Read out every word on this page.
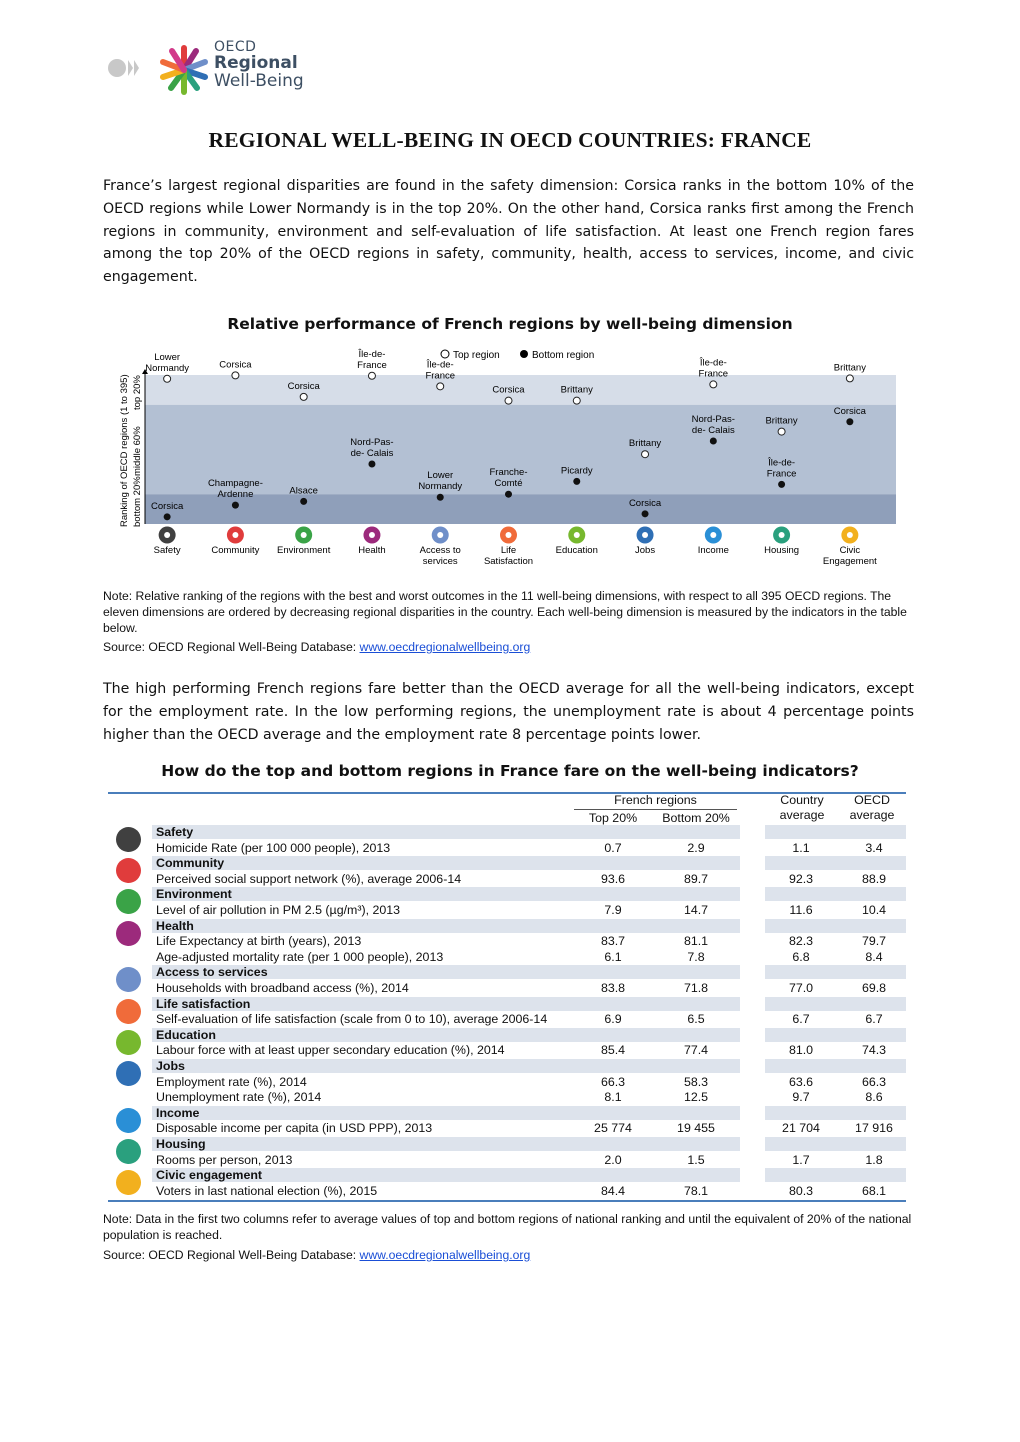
OECD
Regional
Well-Being
REGIONAL WELL-BEING IN OECD COUNTRIES: FRANCE

France’s largest regional disparities are found in the safety dimension: Corsica ranks in the bottom 10% of the OECD regions while Lower Normandy is in the top 20%. On the other hand, Corsica ranks first among the French regions in community, environment and self-evaluation of life satisfaction. At least one French region fares among the top 20% of the OECD regions in safety, community, health, access to services, income, and civic engagement.

Relative performance of French regions by well-being dimension

Top region	Bottom region
Ranking of OECD regions (1 to 395) bottom 20%
middle 60%
top 20%
Lower Normandy
Corsica
Safety
Corsica
Champagne-Ardenne
Community
Corsica
Alsace
Environment
Île-de-France
Nord-Pas-de- Calais
Health
Île-de-France
Lower Normandy
Access to services
Corsica
Franche-Comté
Life Satisfaction
Brittany
Picardy
Education
Brittany
Corsica
Jobs
Île-de-France
Nord-Pas-de- Calais
Income
Brittany
Île-de-France
Housing
Brittany
Corsica
Civic Engagement

Note: Relative ranking of the regions with the best and worst outcomes in the 11 well-being dimensions, with respect to all 395 OECD regions. The eleven dimensions are ordered by decreasing regional disparities in the country. Each well-being dimension is measured by the indicators in the table below.

Source: OECD Regional Well-Being Database: www.oecdregionalwellbeing.org

The high performing French regions fare better than the OECD average for all the well-being indicators, except for the employment rate. In the low performing regions, the unemployment rate is about 4 percentage points higher than the OECD average and the employment rate 8 percentage points lower.

How do the top and bottom regions in France fare on the well-being indicators?

French regions
Top 20%	Bottom 20%
Country
average
OECD
average
Safety
Homicide Rate (per 100 000 people), 2013	0.7	2.9	1.1	3.4
Community
Perceived social support network (%), average 2006-14	93.6	89.7	92.3	88.9
Environment
Level of air pollution in PM 2.5 (µg/m³), 2013	7.9	14.7	11.6	10.4
Health
Life Expectancy at birth (years), 2013	83.7	81.1	82.3	79.7
Age-adjusted mortality rate (per 1 000 people), 2013	6.1	7.8	6.8	8.4
Access to services
Households with broadband access (%), 2014	83.8	71.8	77.0	69.8
Life satisfaction
Self-evaluation of life satisfaction (scale from 0 to 10), average 2006-14	6.9	6.5	6.7	6.7
Education
Labour force with at least upper secondary education (%), 2014	85.4	77.4	81.0	74.3
Jobs
Employment rate (%), 2014	66.3	58.3	63.6	66.3
Unemployment rate (%), 2014	8.1	12.5	9.7	8.6
Income
Disposable income per capita (in USD PPP), 2013	25 774	19 455	21 704	17 916
Housing
Rooms per person, 2013	2.0	1.5	1.7	1.8
Civic engagement
Voters in last national election (%), 2015	84.4	78.1	80.3	68.1

Note: Data in the first two columns refer to average values of top and bottom regions of national ranking and until the equivalent of 20% of the national population is reached.

Source: OECD Regional Well-Being Database: www.oecdregionalwellbeing.org
